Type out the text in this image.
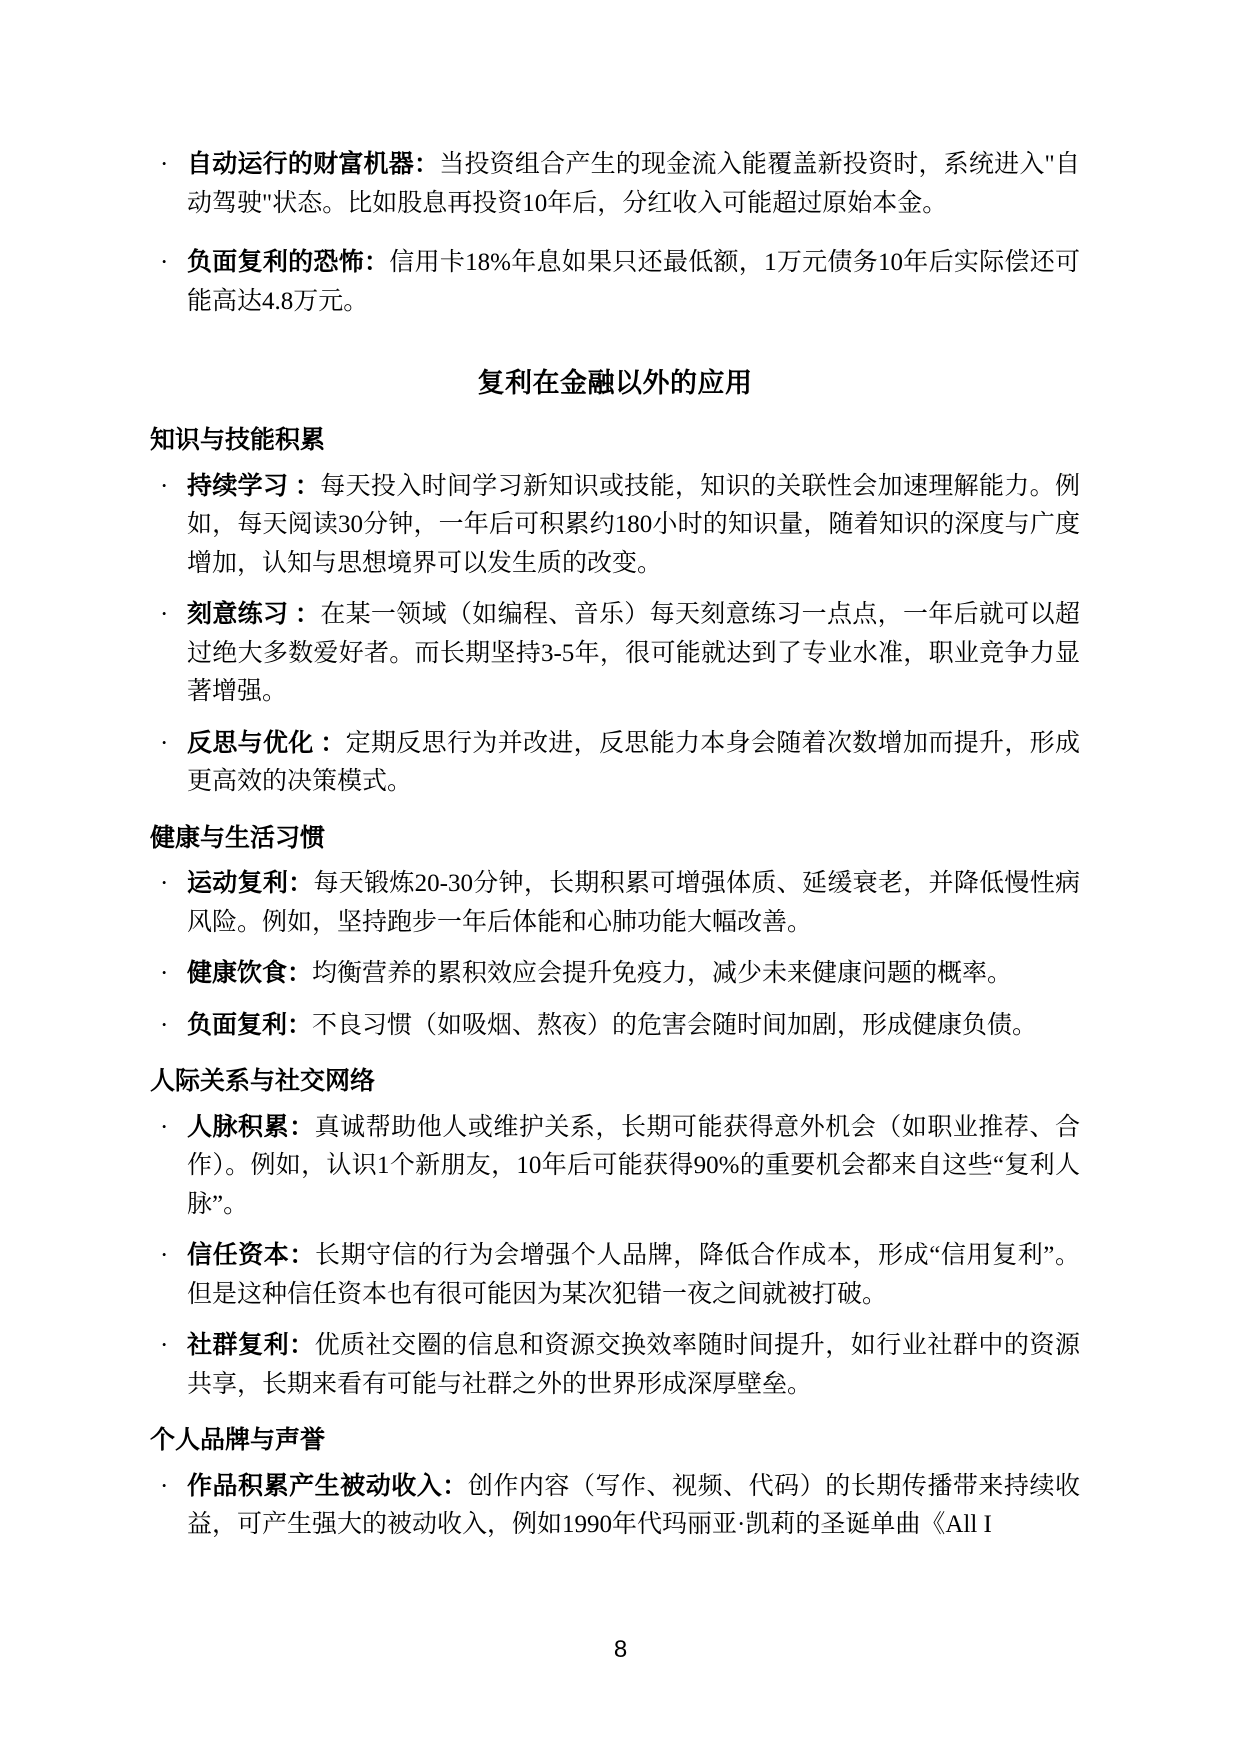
· 自动运行的财富机器：当投资组合产生的现金流入能覆盖新投资时，系统进入"自动驾驶"状态。比如股息再投资10年后，分红收入可能超过原始本金。
· 负面复利的恐怖：信用卡18%年息如果只还最低额，1万元债务10年后实际偿还可能高达4.8万元。
复利在金融以外的应用
知识与技能积累
· 持续学习 ：每天投入时间学习新知识或技能，知识的关联性会加速理解能力。例如，每天阅读30分钟，一年后可积累约180小时的知识量，随着知识的深度与广度增加，认知与思想境界可以发生质的改变。
· 刻意练习 ：在某一领域（如编程、音乐）每天刻意练习一点点，一年后就可以超过绝大多数爱好者。而长期坚持3-5年，很可能就达到了专业水准，职业竞争力显著增强。
· 反思与优化 ：定期反思行为并改进，反思能力本身会随着次数增加而提升，形成更高效的决策模式。
健康与生活习惯
· 运动复利：每天锻炼20-30分钟，长期积累可增强体质、延缓衰老，并降低慢性病风险。例如，坚持跑步一年后体能和心肺功能大幅改善。
· 健康饮食：均衡营养的累积效应会提升免疫力，减少未来健康问题的概率。
· 负面复利：不良习惯（如吸烟、熬夜）的危害会随时间加剧，形成健康负债。
人际关系与社交网络
· 人脉积累：真诚帮助他人或维护关系，长期可能获得意外机会（如职业推荐、合作）。例如，认识1个新朋友，10年后可能获得90%的重要机会都来自这些“复利人脉”。
· 信任资本：长期守信的行为会增强个人品牌，降低合作成本，形成“信用复利”。但是这种信任资本也有很可能因为某次犯错一夜之间就被打破。
· 社群复利：优质社交圈的信息和资源交换效率随时间提升，如行业社群中的资源共享，长期来看有可能与社群之外的世界形成深厚壁垒。
个人品牌与声誉
· 作品积累产生被动收入：创作内容（写作、视频、代码）的长期传播带来持续收益，可产生强大的被动收入，例如1990年代玛丽亚·凯莉的圣诞单曲《All I
8
